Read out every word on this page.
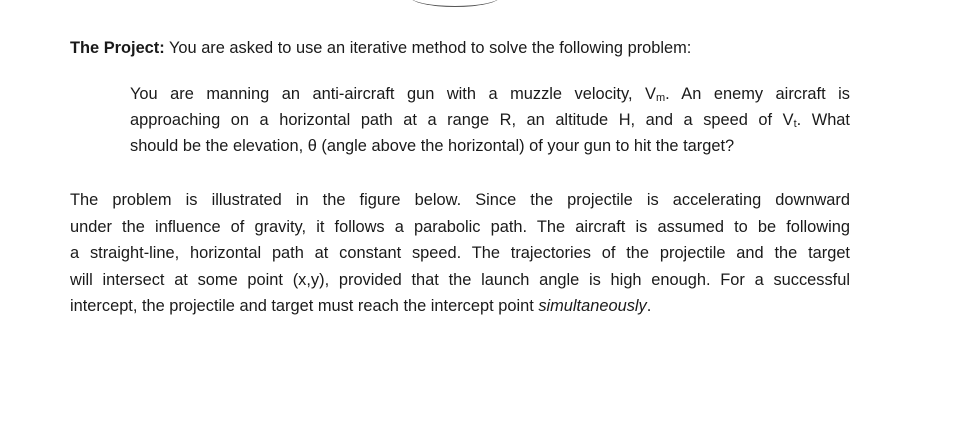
The Project: You are asked to use an iterative method to solve the following problem:
You are manning an anti-aircraft gun with a muzzle velocity, $V_m$. An enemy aircraft is
approaching on a horizontal path at a range R, an altitude H, and a speed of $V_t$. What
should be the elevation, θ (angle above the horizontal) of your gun to hit the target?
The problem is illustrated in the figure below. Since the projectile is accelerating downward
under the influence of gravity, it follows a parabolic path. The aircraft is assumed to be following
a straight-line, horizontal path at constant speed. The trajectories of the projectile and the target
will intersect at some point (x,y), provided that the launch angle is high enough. For a successful
intercept, the projectile and target must reach the intercept point simultaneously.
